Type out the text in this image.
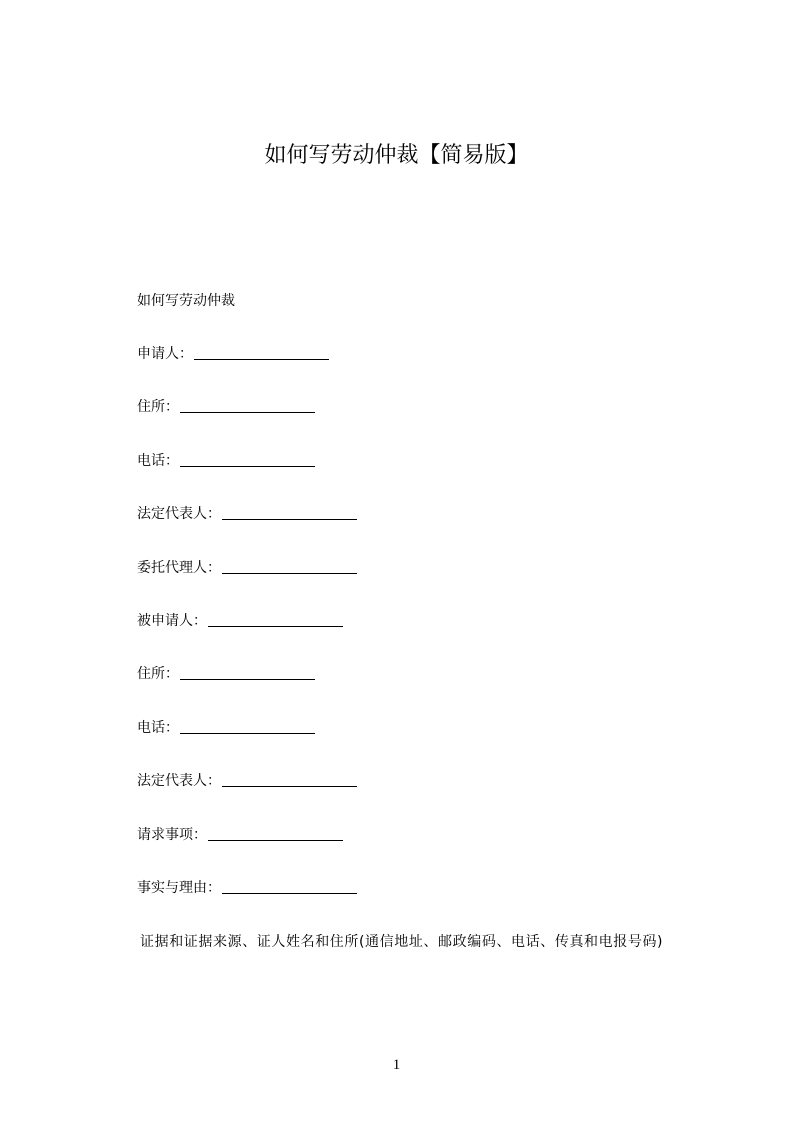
如何写劳动仲裁【简易版】
如何写劳动仲裁
申请人：
住所：
电话：
法定代表人：
委托代理人：
被申请人：
住所：
电话：
法定代表人：
请求事项：
事实与理由：
证据和证据来源、证人姓名和住所(通信地址、邮政编码、电话、传真和电报号码)
1
